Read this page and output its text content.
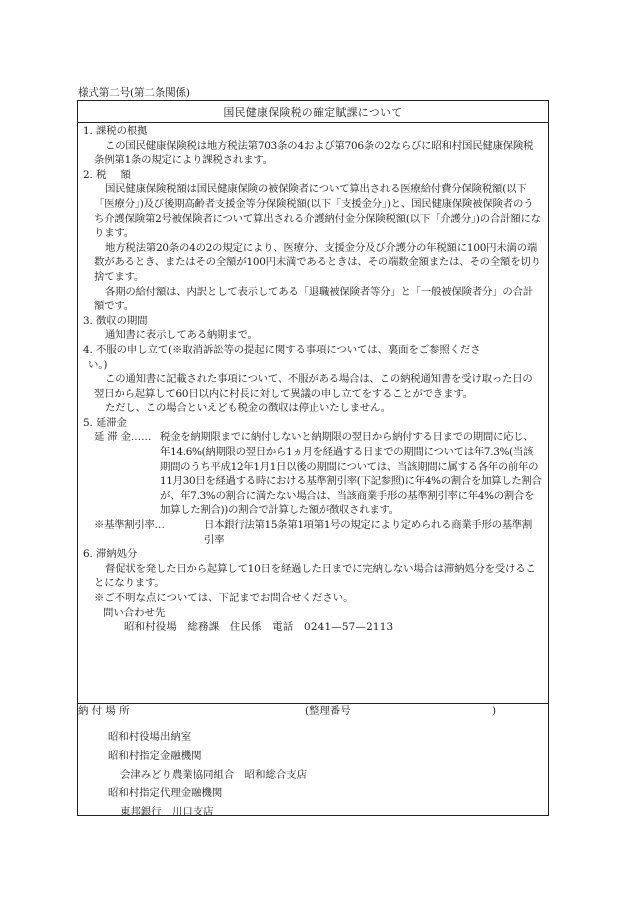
様式第二号(第二条関係)
国民健康保険税の確定賦課について

1. 課税の根拠

この国民健康保険税は地方税法第703条の4および第706条の2ならびに昭和村国民健康保険税条例第1条の規定により課税されます。

2. 税額

国民健康保険税額は国民健康保険の被保険者について算出される医療給付費分保険税額(以下「医療分」)及び後期高齢者支援金等分保険税額(以下「支援金分」)と、国民健康保険被保険者のうち介護保険第2号被保険者について算出される介護納付金分保険税額(以下「介護分」)の合計額になります。

地方税法第20条の4の2の規定により、医療分、支援金分及び介護分の年税額に100円未満の端数があるとき、またはその全額が100円未満であるときは、その端数金額または、その全額を切り捨てます。

各期の給付額は、内訳として表示してある「退職被保険者等分」と「一般被保険者分」の合計額です。

3. 徴収の期間

通知書に表示してある納期まで。

4. 不服の申し立て(※取消訴訟等の提起に関する事項については、裏面をご参照くださ

い。)

この通知書に記載された事項について、不服がある場合は、この納税通知書を受け取った日の翌日から起算して60日以内に村長に対して異議の申し立てをすることができます。

ただし、この場合といえども税金の徴収は停止いたしません。

5. 延滞金

延 滞 金…… 税金を納期限までに納付しないと納期限の翌日から納付する日までの期間に応じ、年14.6%(納期限の翌日から1ヵ月を経過する日までの期間については年7.3%(当該期間のうち平成12年1月1日以後の期間については、当該期間に属する各年の前年の11月30日を経過する時における基準割引率(下記参照)に年4%の割合を加算した割合が、年7.3%の割合に満たない場合は、当該商業手形の基準割引率に年4%の割合を加算した割合))の割合で計算した額が徴収されます。
※基準割引率…	日本銀行法第15条第1項第1号の規定により定められる商業手形の基準割引率

6. 滞納処分

督促状を発した日から起算して10日を経過した日までに完納しない場合は滞納処分を受けることになります。

※ご不明な点については、下記までお問合せください。

問い合わせ先

昭和村役場　総務課　住民係　電話　0241—57—2113

納 付 場 所	(整理番号	)
昭和村役場出納室
昭和村指定金融機関
会津みどり農業協同組合　昭和総合支店
昭和村指定代理金融機関
東邦銀行　川口支店
